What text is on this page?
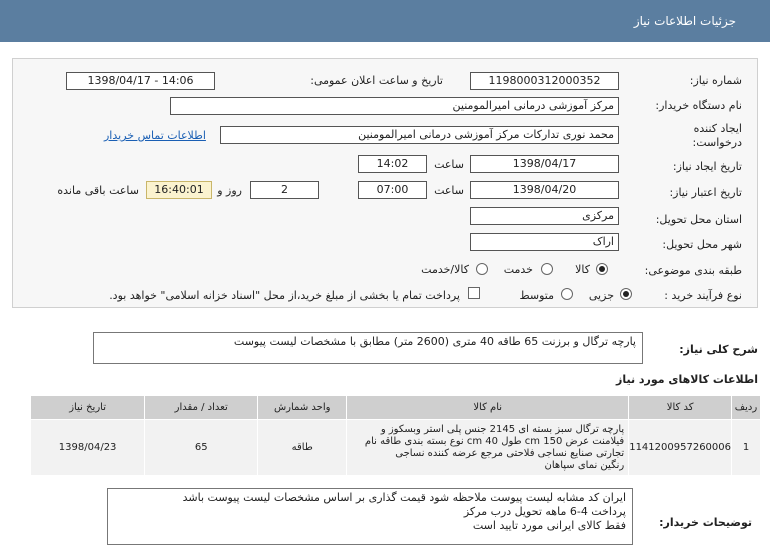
جزئیات اطلاعات نیاز
شماره نیاز:
1198000312000352
تاریخ و ساعت اعلان عمومی:
1398/04/17 - 14:06
نام دستگاه خریدار:
مرکز آموزشی درمانی امیرالمومنین
ایجاد کننده
درخواست:
محمد نوری تدارکات مرکز آموزشی درمانی امیرالمومنین
اطلاعات تماس خریدار
تاریخ ایجاد نیاز:
1398/04/17
ساعت
14:02
تاریخ اعتبار نیاز:
1398/04/20
ساعت
07:00
2
روز و
16:40:01
ساعت باقی مانده
استان محل تحویل:
مرکزی
شهر محل تحویل:
اراک
طبقه بندی موضوعی:
کالا
خدمت
کالا/خدمت
نوع فرآیند خرید :
جزیی
متوسط
پرداخت تمام یا بخشی از مبلغ خرید،از محل "اسناد خزانه اسلامی" خواهد بود.
شرح کلی نیاز:
پارچه ترگال و برزنت 65 طاقه 40 متری (2600 متر) مطابق با مشخصات لیست پیوست
اطلاعات کالاهای مورد نیاز
ردیف	کد کالا	نام کالا	واحد شمارش	تعداد / مقدار	تاریخ نیاز
1	1141200957260006	پارچه ترگال سبز بسته ای 2145 جنس پلی استر وبسکوز و
فیلامنت عرض 150 cm طول 40 cm نوع بسته بندی طاقه نام
تجارتی صنایع نساجی فلاحتی مرجع عرضه کننده نساجی
رنگین نمای سپاهان	طاقه	65	1398/04/23
توضیحات خریدار:
ایران کد مشابه لیست پیوست ملاحظه شود قیمت گذاری بر اساس مشخصات لیست پیوست باشد
پرداخت 4-6 ماهه تحویل درب مرکز
فقط کالای ایرانی مورد تایید است
